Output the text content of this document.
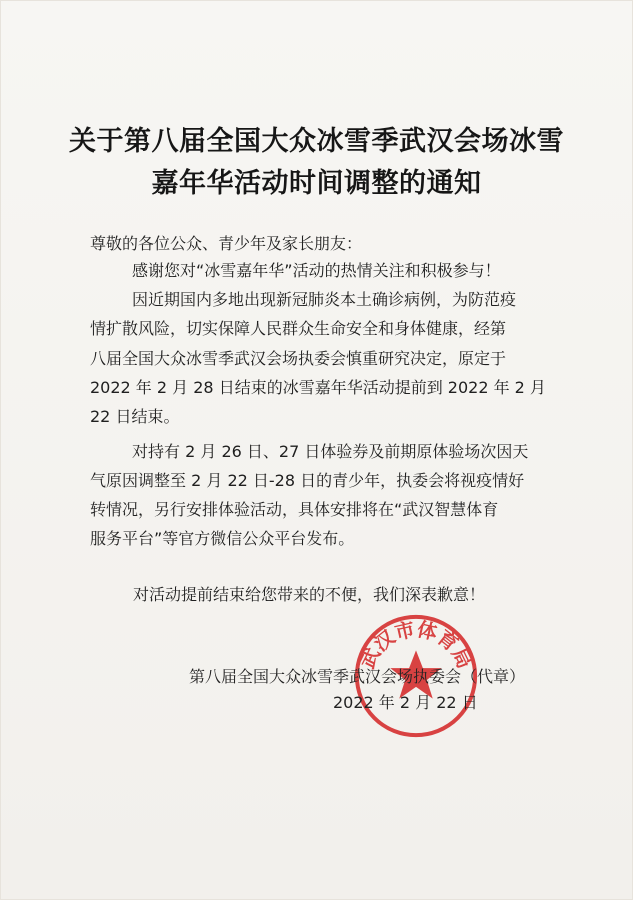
关于第八届全国大众冰雪季武汉会场冰雪
嘉年华活动时间调整的通知
尊敬的各位公众、青少年及家长朋友：
感谢您对“冰雪嘉年华”活动的热情关注和积极参与！
因近期国内多地出现新冠肺炎本土确诊病例，为防范疫
情扩散风险，切实保障人民群众生命安全和身体健康，经第
八届全国大众冰雪季武汉会场执委会慎重研究决定，原定于
2022 年 2 月 28 日结束的冰雪嘉年华活动提前到 2022 年 2 月
22 日结束。
对持有 2 月 26 日、27 日体验券及前期原体验场次因天
气原因调整至 2 月 22 日-28 日的青少年，执委会将视疫情好
转情况，另行安排体验活动，具体安排将在“武汉智慧体育
服务平台”等官方微信公众平台发布。
对活动提前结束给您带来的不便，我们深表歉意！
武汉市体育局
第八届全国大众冰雪季武汉会场执委会（代章）
2022 年 2 月 22 日
